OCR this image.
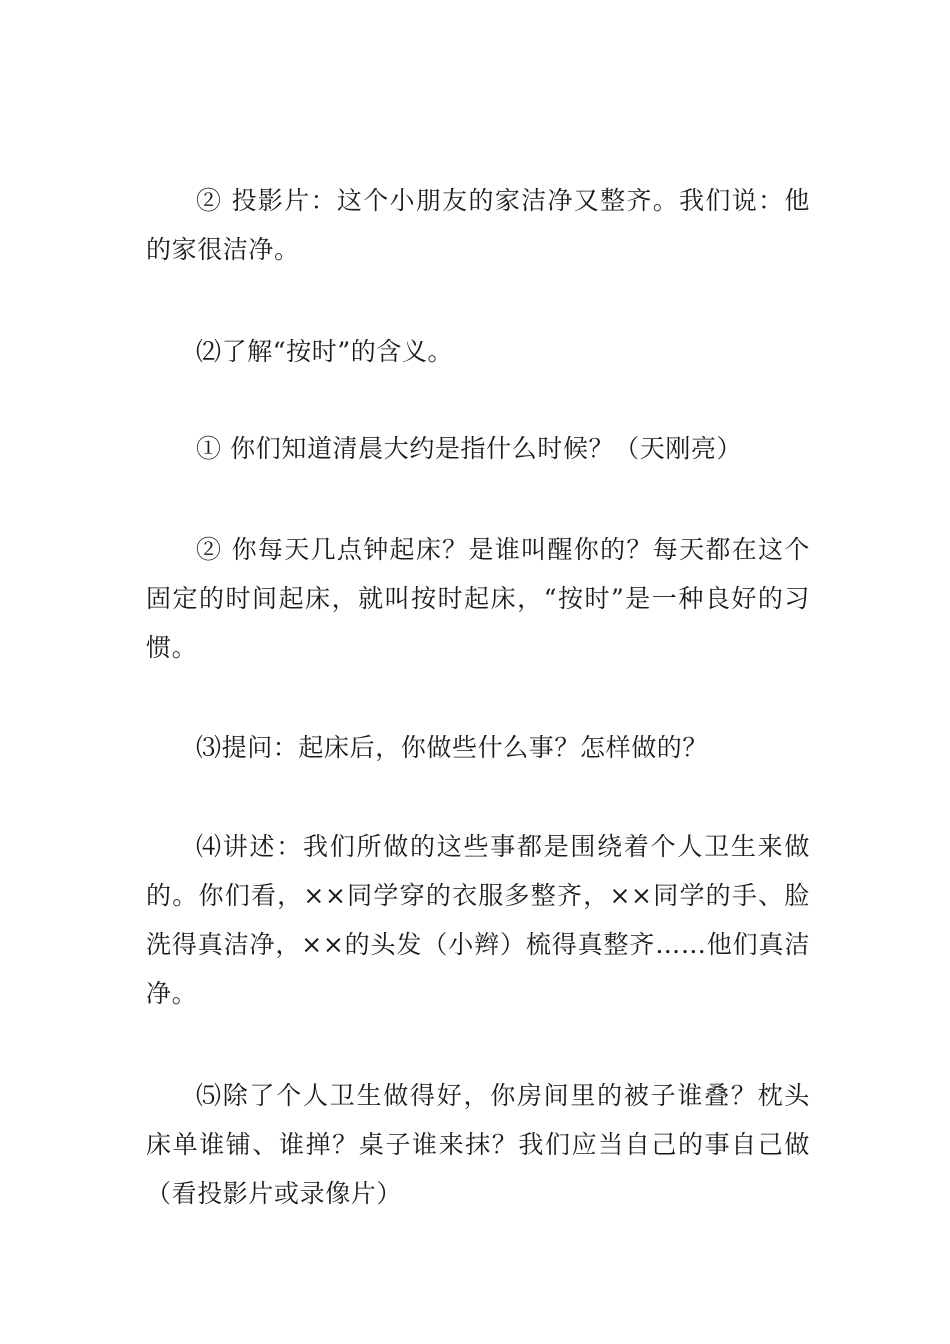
② 投影片：这个小朋友的家洁净又整齐。我们说：他的家很洁净。

⑵了解“按时”的含义。

① 你们知道清晨大约是指什么时候？（天刚亮）

② 你每天几点钟起床？是谁叫醒你的？每天都在这个固定的时间起床，就叫按时起床，“按时”是一种良好的习惯。

⑶提问：起床后，你做些什么事？怎样做的？

⑷讲述：我们所做的这些事都是围绕着个人卫生来做的。你们看，××同学穿的衣服多整齐，××同学的手、脸洗得真洁净，××的头发（小辫）梳得真整齐……他们真洁净。

⑸除了个人卫生做得好，你房间里的被子谁叠？枕头床单谁铺、谁掸？桌子谁来抹？我们应当自己的事自己做（看投影片或录像片）
